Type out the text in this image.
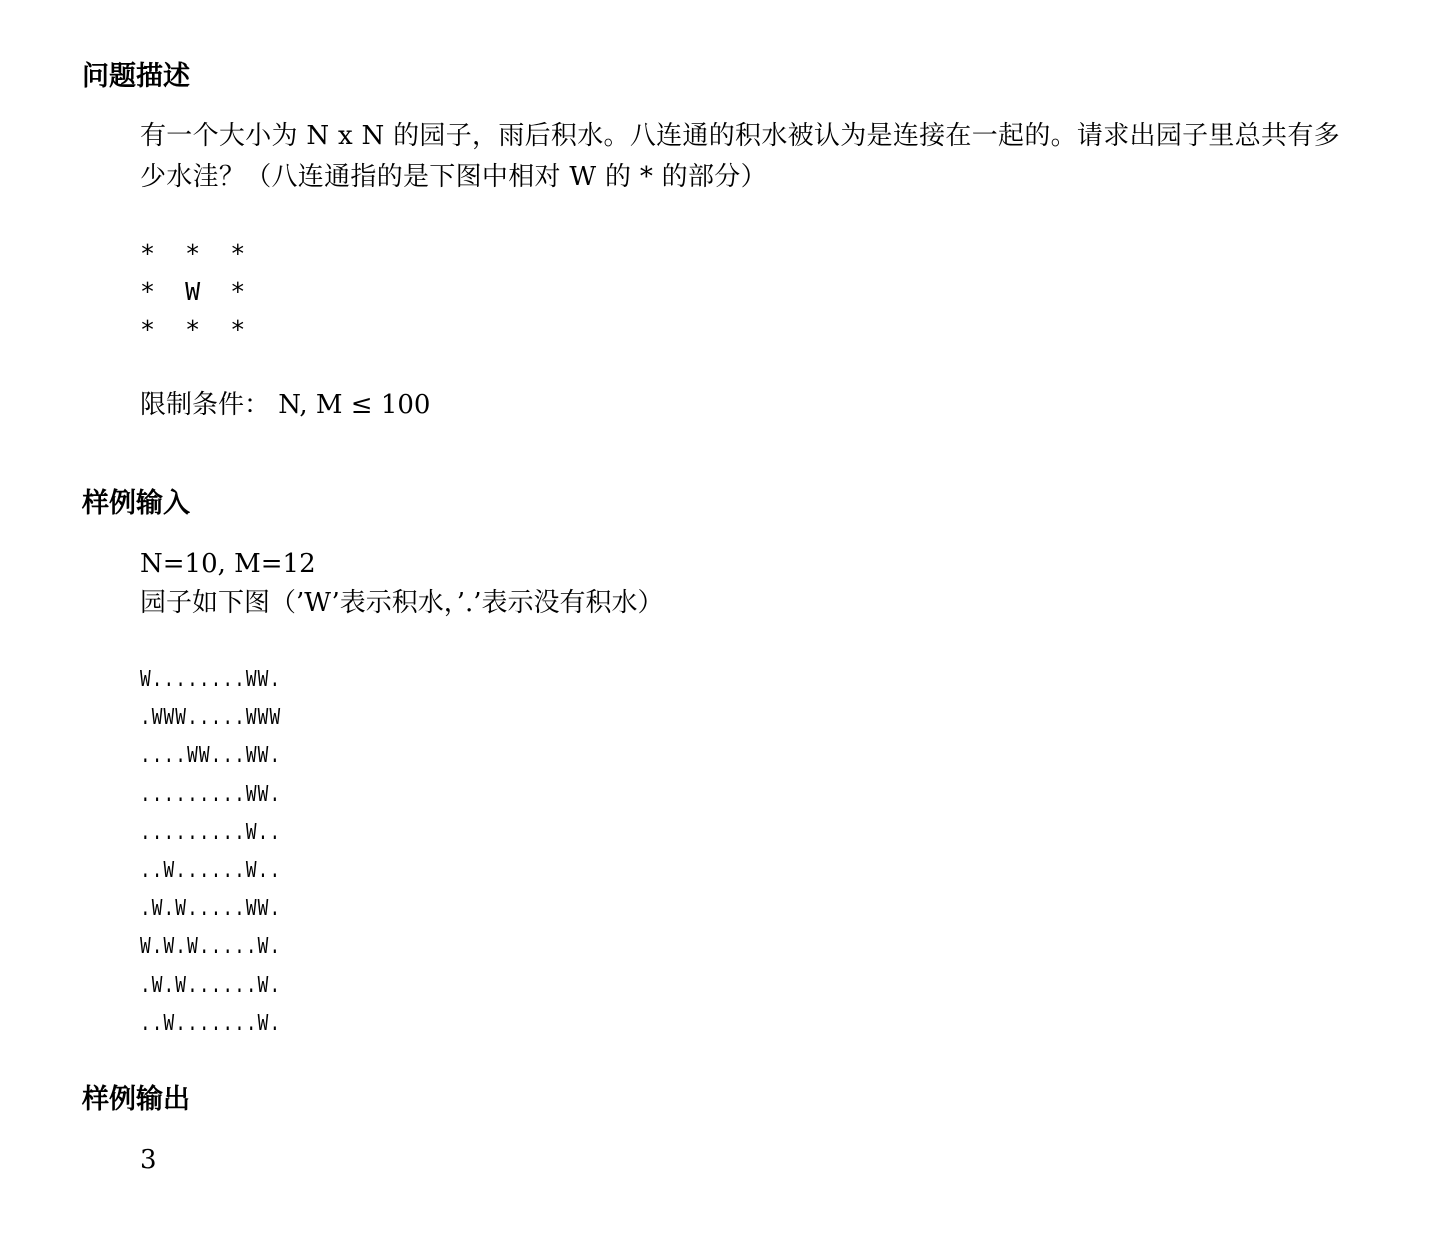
问题描述

有一个大小为 N x N 的园子，雨后积水。八连通的积水被认为是连接在一起的。请求出园子里总共有多少水洼？（八连通指的是下图中相对 W 的 * 的部分）

*  *  *
*  W  *
*  *  *

限制条件： N, M ≤ 100

样例输入

N=10, M=12

园子如下图（’W’表示积水，’.’表示没有积水）

W........WW.
.WWW.....WWW
....WW...WW.
.........WW.
.........W..
..W......W..
.W.W.....WW.
W.W.W.....W.
.W.W......W.
..W.......W.
样例输出

3
